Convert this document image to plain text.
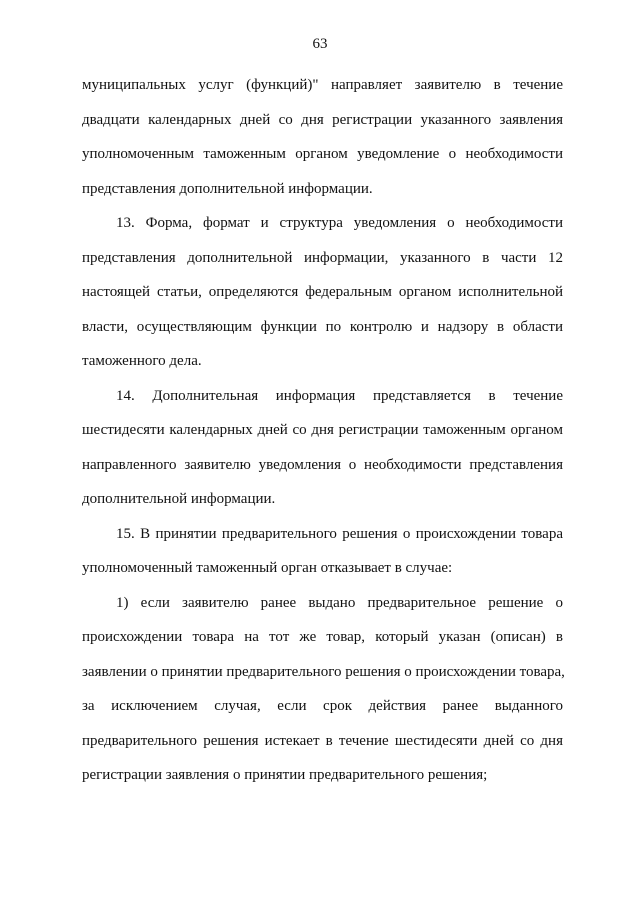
63
муниципальных услуг (функций)" направляет заявителю в течение
двадцати календарных дней со дня регистрации указанного заявления
уполномоченным таможенным органом уведомление о необходимости
представления дополнительной информации.
13. Форма, формат и структура уведомления о необходимости
представления дополнительной информации, указанного в части 12
настоящей статьи, определяются федеральным органом исполнительной
власти, осуществляющим функции по контролю и надзору в области
таможенного дела.
14. Дополнительная информация представляется в течение
шестидесяти календарных дней со дня регистрации таможенным органом
направленного заявителю уведомления о необходимости представления
дополнительной информации.
15. В принятии предварительного решения о происхождении товара
уполномоченный таможенный орган отказывает в случае:
1) если заявителю ранее выдано предварительное решение о
происхождении товара на тот же товар, который указан (описан) в
заявлении о принятии предварительного решения о происхождении товара,
за исключением случая, если срок действия ранее выданного
предварительного решения истекает в течение шестидесяти дней со дня
регистрации заявления о принятии предварительного решения;
